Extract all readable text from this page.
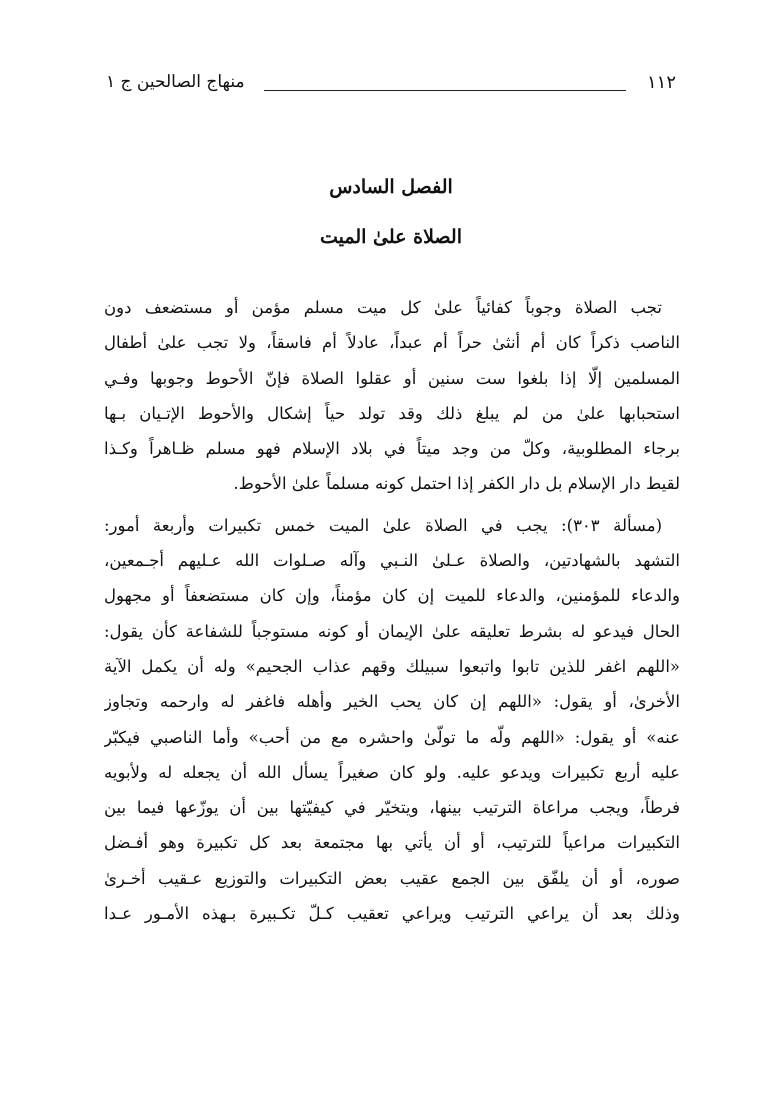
منهاج الصالحين ج ١	١١٢
الفصل السادس
الصلاة علىٰ الميت
تجب الصلاة وجوباً كفائياً علىٰ كل ميت مسلم مؤمن أو مستضعف دون
الناصب ذكراً كان أم أنثىٰ حراً أم عبداً، عادلاً أم فاسقاً، ولا تجب علىٰ أطفال
المسلمين إلّا إذا بلغوا ست سنين أو عقلوا الصلاة فإنّ الأحوط وجوبها وفـي
استحبابها علىٰ من لم يبلغ ذلك وقد تولد حياً إشكال والأحوط الإتـيان بـها
برجاء المطلوبية، وكلّ من وجد ميتاً في بلاد الإسلام فهو مسلم ظـاهراً وكـذا
لقيط دار الإسلام بل دار الكفر إذا احتمل كونه مسلماً علىٰ الأحوط.
(مسألة ٣٠٣): يجب في الصلاة علىٰ الميت خمس تكبيرات وأربعة أمور:
التشهد بالشهادتين، والصلاة عـلىٰ النـبي وآله صـلوات الله عـليهم أجـمعين،
والدعاء للمؤمنين، والدعاء للميت إن كان مؤمناً، وإن كان مستضعفاً أو مجهول
الحال فيدعو له بشرط تعليقه علىٰ الإيمان أو كونه مستوجباً للشفاعة كأن يقول:
«اللهم اغفر للذين تابوا واتبعوا سبيلك وقهم عذاب الجحيم» وله أن يكمل الآية
الأخرىٰ، أو يقول: «اللهم إن كان يحب الخير وأهله فاغفر له وارحمه وتجاوز
عنه» أو يقول: «اللهم ولّه ما تولّىٰ واحشره مع من أحب» وأما الناصبي فيكبّر
عليه أربع تكبيرات ويدعو عليه. ولو كان صغيراً يسأل الله أن يجعله له ولأبويه
فرطاً، ويجب مراعاة الترتيب بينها، ويتخيّر في كيفيّتها بين أن يوزّعها فيما بين
التكبيرات مراعياً للترتيب، أو أن يأتي بها مجتمعة بعد كل تكبيرة وهو أفـضل
صوره، أو أن يلفّق بين الجمع عقيب بعض التكبيرات والتوزيع عـقيب أخـرىٰ
وذلك بعد أن يراعي الترتيب ويراعي تعقيب كـلّ تكـبيرة بـهذه الأمـور عـدا
